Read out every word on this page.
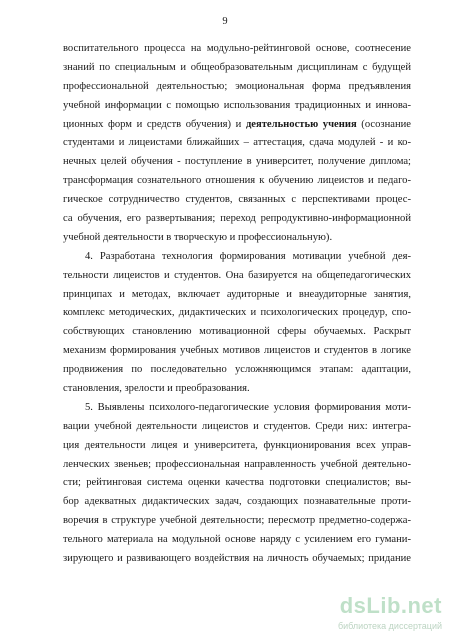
9
воспитательного процесса на модульно-рейтинговой основе, соотнесение
знаний по специальным и общеобразовательным дисциплинам с будущей
профессиональной деятельностью; эмоциональная форма предъявления
учебной информации с помощью использования традиционных и иннова-
ционных форм и средств обучения) и деятельностью учения (осознание
студентами и лицеистами ближайших – аттестация, сдача модулей - и ко-
нечных целей обучения - поступление в университет, получение диплома;
трансформация сознательного отношения к обучению лицеистов и педаго-
гическое сотрудничество студентов, связанных с перспективами процес-
са обучения, его развертывания; переход репродуктивно-информационной
учебной деятельности в творческую и профессиональную).
4. Разработана технология формирования мотивации учебной дея-
тельности лицеистов и студентов. Она базируется на общепедагогических
принципах и методах, включает аудиторные и внеаудиторные занятия,
комплекс методических, дидактических и психологических процедур, спо-
собствующих становлению мотивационной сферы обучаемых. Раскрыт
механизм формирования учебных мотивов лицеистов и студентов в логике
продвижения по последовательно усложняющимся этапам: адаптации,
становления, зрелости и преобразования.
5. Выявлены психолого-педагогические условия формирования моти-
вации учебной деятельности лицеистов и студентов. Среди них: интегра-
ция деятельности лицея и университета, функционирования всех управ-
ленческих звеньев; профессиональная направленность учебной деятельно-
сти; рейтинговая система оценки качества подготовки специалистов; вы-
бор адекватных дидактических задач, создающих познавательные проти-
воречия в структуре учебной деятельности; пересмотр предметно-содержа-
тельного материала на модульной основе наряду с усилением его гумани-
зирующего и развивающего воздействия на личность обучаемых; придание
dsLib.net
библиотека диссертаций
